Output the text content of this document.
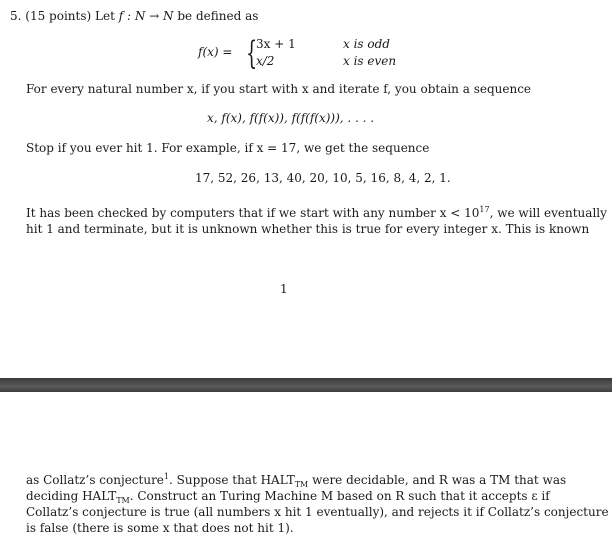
5. (15 points) Let f : N → N be defined as
f(x) = {
3x + 1	x is odd
x/2	x is even
For every natural number x, if you start with x and iterate f, you obtain a sequence
x, f(x), f(f(x)), f(f(f(x))), . . . .
Stop if you ever hit 1. For example, if x = 17, we get the sequence
17, 52, 26, 13, 40, 20, 10, 5, 16, 8, 4, 2, 1.
It has been checked by computers that if we start with any number $x < 10^{17}$, we will eventually
hit 1 and terminate, but it is unknown whether this is true for every integer x. This is known
1
as Collatz’s conjecture$^1$. Suppose that $HALT_{TM}$ were decidable, and R was a TM that was
deciding $HALT_{TM}$. Construct an Turing Machine M based on R such that it accepts ε if
Collatz’s conjecture is true (all numbers x hit 1 eventually), and rejects it if Collatz’s conjecture
is false (there is some x that does not hit 1).
